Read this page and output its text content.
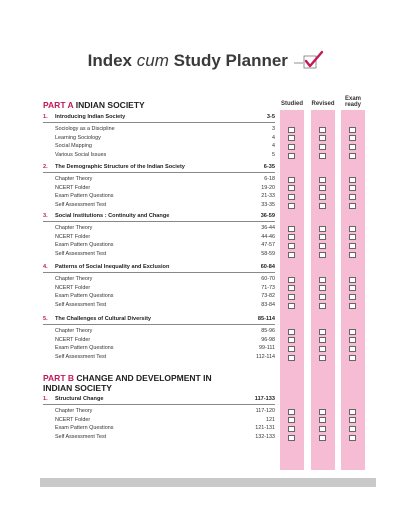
Index cum Study Planner
Studied	Revised
Exam ready
PART A INDIAN SOCIETY
1. Introducing Indian Society	3-5
Sociology as a Discipline	3
Learning Sociology	4
Social Mapping	4
Various Social Issues	5
2. The Demographic Structure of the Indian Society	6-35
Chapter Theory	6-18
NCERT Folder	19-20
Exam Pattern Questions	21-33
Self Assessment Test	33-35
3. Social Institutions : Continuity and Change	36-59
Chapter Theory	36-44
NCERT Folder	44-46
Exam Pattern Questions	47-57
Self Assessment Test	58-59
4. Patterns of Social Inequality and Exclusion	60-84
Chapter Theory	60-70
NCERT Folder	71-73
Exam Pattern Questions	73-82
Self Assessment Test	83-84
5. The Challenges of Cultural Diversity	85-114
Chapter Theory	85-96
NCERT Folder	96-98
Exam Pattern Questions	99-111
Self Assessment Test	112-114
PART B CHANGE AND DEVELOPMENT IN
INDIAN SOCIETY
1. Structural Change	117-133
Chapter Theory	117-120
NCERT Folder	121
Exam Pattern Questions	121-131
Self Assessment Test	132-133
